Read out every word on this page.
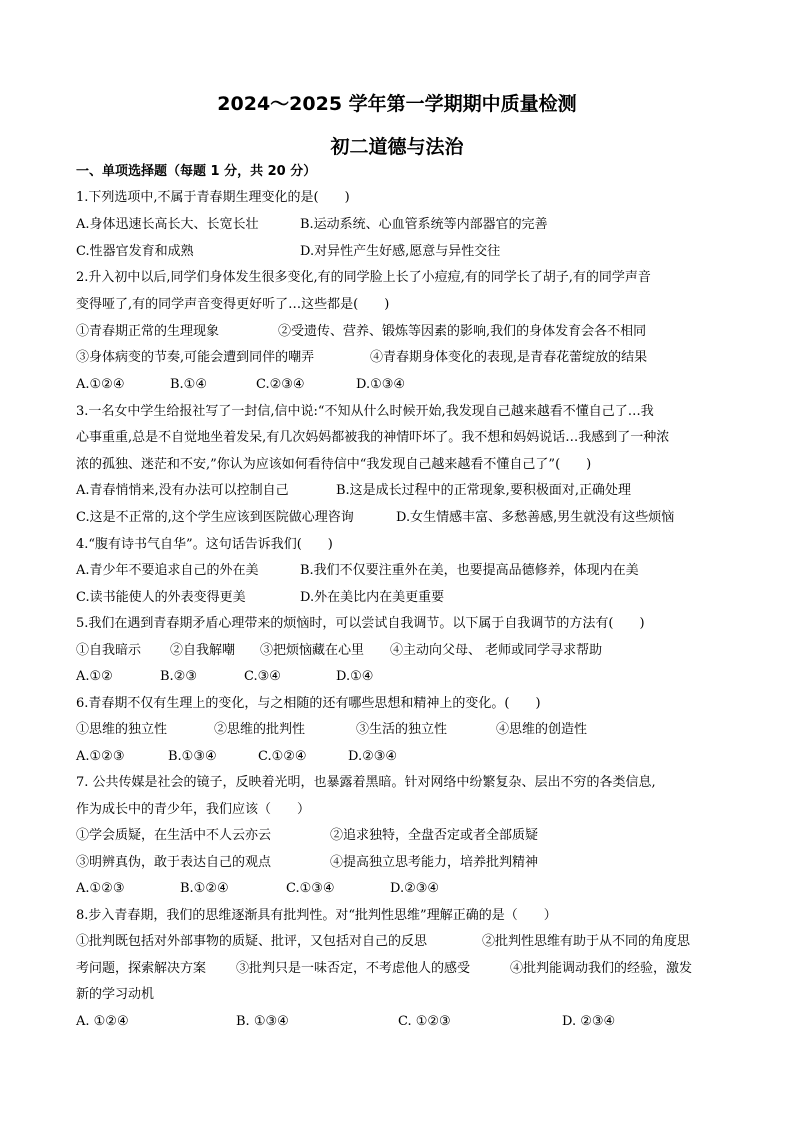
2024～2025 学年第一学期期中质量检测
初二道德与法治
一、单项选择题（每题 1 分，共 20 分）
1.下列选项中,不属于青春期生理变化的是(　　)
A.身体迅速长高长大、长宽长壮	B.运动系统、心血管系统等内部器官的完善
C.性器官发育和成熟	D.对异性产生好感,愿意与异性交往
2.升入初中以后,同学们身体发生很多变化,有的同学脸上长了小痘痘,有的同学长了胡子,有的同学声音
变得哑了,有的同学声音变得更好听了…这些都是(　　)
①青春期正常的生理现象	②受遗传、营养、锻炼等因素的影响,我们的身体发育会各不相同
③身体病变的节奏,可能会遭到同伴的嘲弄	④青春期身体变化的表现,是青春花蕾绽放的结果
A.①②④	B.①④	C.②③④	D.①③④
3.一名女中学生给报社写了一封信,信中说:“不知从什么时候开始,我发现自己越来越看不懂自己了…我
心事重重,总是不自觉地坐着发呆,有几次妈妈都被我的神情吓坏了。我不想和妈妈说话…我感到了一种浓
浓的孤独、迷茫和不安,”你认为应该如何看待信中“我发现自己越来越看不懂自己了”(　　)
A.青春悄悄来,没有办法可以控制自己	B.这是成长过程中的正常现象,要积极面对,正确处理
C.这是不正常的,这个学生应该到医院做心理咨询	D.女生情感丰富、多愁善感,男生就没有这些烦恼
4.“腹有诗书气自华”。这句话告诉我们(　　)
A.青少年不要追求自己的外在美	B.我们不仅要注重外在美，也要提高品德修养，体现内在美
C.读书能使人的外表变得更美	D.外在美比内在美更重要
5.我们在遇到青春期矛盾心理带来的烦恼时，可以尝试自我调节。以下属于自我调节的方法有(　　)
①自我暗示 ②自我解嘲 ③把烦恼藏在心里 ④主动向父母、 老师或同学寻求帮助
A.①②	B.②③	C.③④	D.①④
6.青春期不仅有生理上的变化，与之相随的还有哪些思想和精神上的变化。(　　)
①思维的独立性	②思维的批判性	③生活的独立性	④思维的创造性
A.①②③	B.①③④	C.①②④	D.②③④
7. 公共传媒是社会的镜子，反映着光明，也暴露着黑暗。针对网络中纷繁复杂、层出不穷的各类信息,
作为成长中的青少年，我们应该（　　）
①学会质疑，在生活中不人云亦云	②追求独特，全盘否定或者全部质疑
③明辨真伪，敢于表达自己的观点	④提高独立思考能力，培养批判精神
A.①②③	B.①②④	C.①③④	D.②③④
8.步入青春期，我们的思维逐渐具有批判性。对“批判性思维”理解正确的是（　　）
①批判既包括对外部事物的质疑、批评，又包括对自己的反思	②批判性思维有助于从不同的角度思
考问题，探索解决方案 ③批判只是一味否定，不考虑他人的感受	④批判能调动我们的经验，激发
新的学习动机
A. ①②④	B. ①③④	C. ①②③	D. ②③④
